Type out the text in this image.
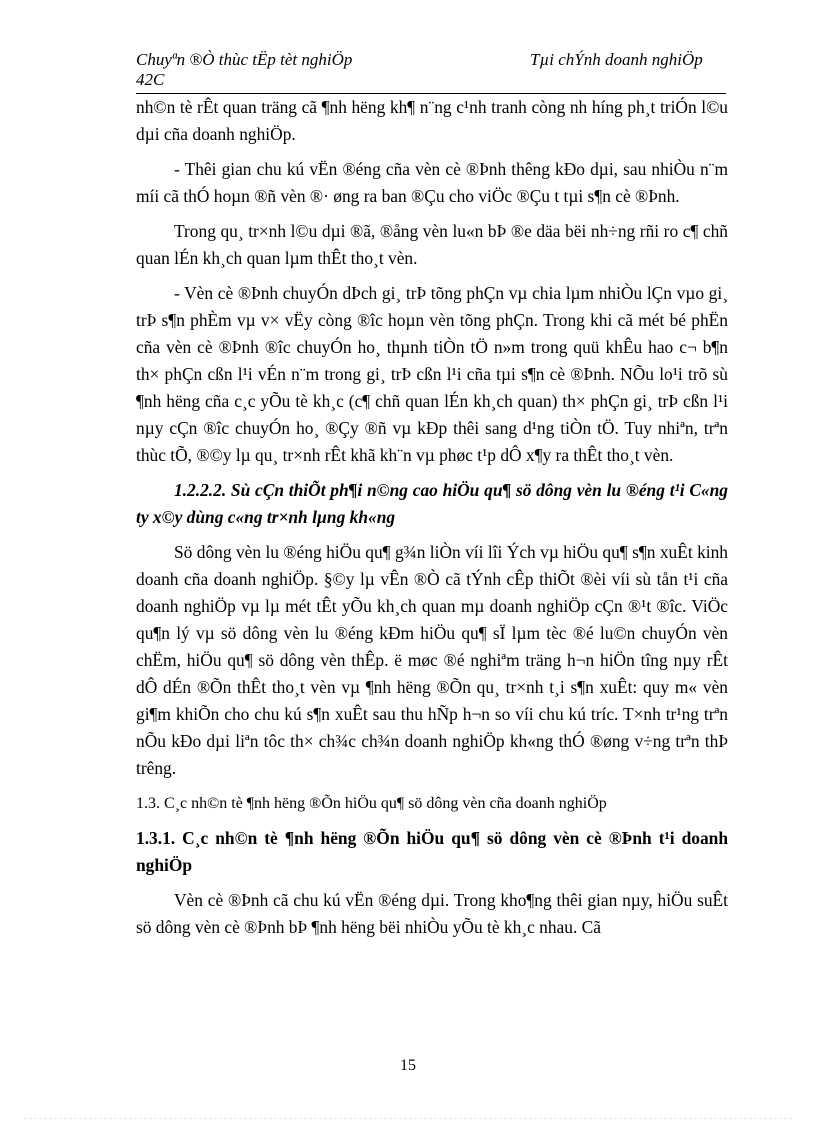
Chuyªn ®Ò thùc tËp tèt nghiÖp
42C
Tµi chÝnh doanh nghiÖp

nh©n tè rÊt quan träng cã ¶nh hëng kh¶ n¨ng c¹nh tranh còng nh híng ph¸t triÓn l©u dµi cña doanh nghiÖp.

- Thêi gian chu kú vËn ®éng cña vèn cè ®Þnh thêng kÐo dµi, sau nhiÒu n¨m míi cã thÓ hoµn ®ñ vèn ®· øng ra ban ®Çu cho viÖc ®Çu t tµi s¶n cè ®Þnh.

Trong qu¸ tr×nh l©u dµi ®ã, ®ång vèn lu«n bÞ ®e däa bëi nh÷ng rñi ro c¶ chñ quan lÉn kh¸ch quan lµm thÊt tho¸t vèn.

- Vèn cè ®Þnh chuyÓn dÞch gi¸ trÞ tõng phÇn vµ chia lµm nhiÒu lÇn vµo gi¸ trÞ s¶n phÈm vµ v× vËy còng ®îc hoµn vèn tõng phÇn. Trong khi cã mét bé phËn cña vèn cè ®Þnh ®îc chuyÓn ho¸ thµnh tiÒn tÖ n»m trong quü khÊu hao c¬ b¶n th× phÇn cßn l¹i vÉn n¨m trong gi¸ trÞ cßn l¹i cña tµi s¶n cè ®Þnh. NÕu lo¹i trõ sù ¶nh hëng cña c¸c yÕu tè kh¸c (c¶ chñ quan lÉn kh¸ch quan) th× phÇn gi¸ trÞ cßn l¹i nµy cÇn ®îc chuyÓn ho¸ ®Çy ®ñ vµ kÐp thêi sang d¹ng tiÒn tÖ. Tuy nhiªn, trªn thùc tÕ, ®©y lµ qu¸ tr×nh rÊt khã kh¨n vµ phøc t¹p dÔ x¶y ra thÊt tho¸t vèn.

1.2.2.2. Sù cÇn thiÕt ph¶i n©ng cao hiÖu qu¶ sö dông vèn lu ®éng t¹i C«ng ty x©y dùng c«ng tr×nh lµng kh«ng

Sö dông vèn lu ®éng hiÖu qu¶ g¾n liÒn víi lîi Ých vµ hiÖu qu¶ s¶n xuÊt kinh doanh cña doanh nghiÖp. §©y lµ vÊn ®Ò cã tÝnh cÊp thiÕt ®èi víi sù tån t¹i cña doanh nghiÖp vµ lµ mét tÊt yÕu kh¸ch quan mµ doanh nghiÖp cÇn ®¹t ®îc. ViÖc qu¶n lý vµ sö dông vèn lu ®éng kÐm hiÖu qu¶ sÏ lµm tèc ®é lu©n chuyÓn vèn chËm, hiÖu qu¶ sö dông vèn thÊp. ë møc ®é nghiªm träng h¬n hiÖn tîng nµy rÊt dÔ dÉn ®Õn thÊt tho¸t vèn vµ ¶nh hëng ®Õn qu¸ tr×nh t¸i s¶n xuÊt: quy m« vèn gi¶m khiÕn cho chu kú s¶n xuÊt sau thu hÑp h¬n so víi chu kú tríc. T×nh tr¹ng trªn nÕu kÐo dµi liªn tôc th× ch¾c ch¾n doanh nghiÖp kh«ng thÓ ®øng v÷ng trªn thÞ trêng.

1.3. C¸c nh©n tè ¶nh hëng ®Õn hiÖu qu¶ sö dông vèn cña doanh nghiÖp

1.3.1. C¸c nh©n tè ¶nh hëng ®Õn hiÖu qu¶ sö dông vèn cè ®Þnh t¹i doanh nghiÖp

Vèn cè ®Þnh cã chu kú vËn ®éng dµi. Trong kho¶ng thêi gian nµy, hiÖu suÊt sö dông vèn cè ®Þnh bÞ ¶nh hëng bëi nhiÒu yÕu tè kh¸c nhau. Cã

15
